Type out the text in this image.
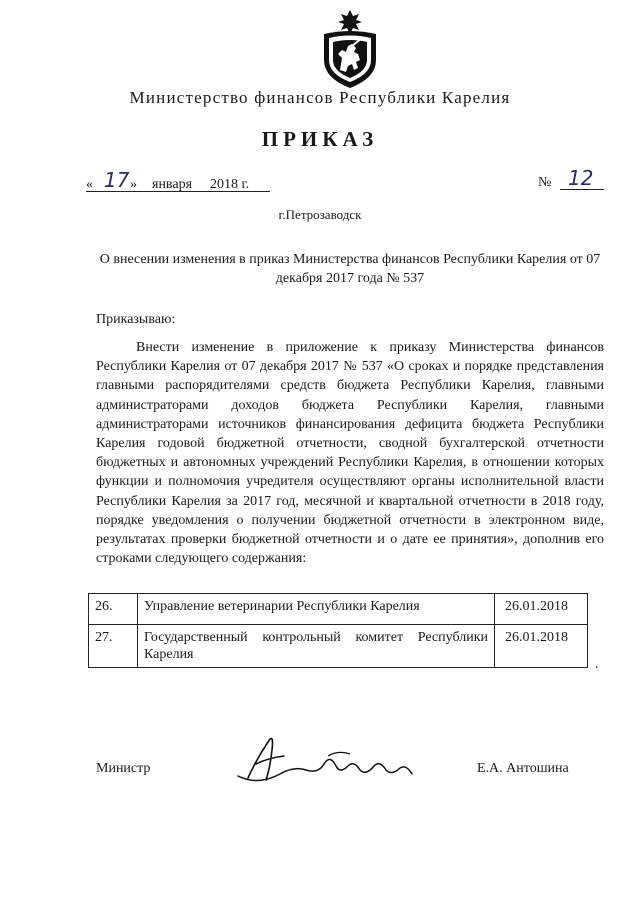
Министерство финансов Республики Карелия
ПРИКАЗ
« 17 » января 2018 г.	№ 12
г.Петрозаводск
О внесении изменения в приказ Министерства финансов Республики Карелия от 07 декабря 2017 года № 537
Приказываю:
Внести изменение в приложение к приказу Министерства финансов Республики Карелия от 07 декабря 2017 № 537 «О сроках и порядке представления главными распорядителями средств бюджета Республики Карелия, главными администраторами доходов бюджета Республики Карелия, главными администраторами источников финансирования дефицита бюджета Республики Карелия годовой бюджетной отчетности, сводной бухгалтерской отчетности бюджетных и автономных учреждений Республики Карелия, в отношении которых функции и полномочия учредителя осуществляют органы исполнительной власти Республики Карелия за 2017 год, месячной и квартальной отчетности в 2018 году, порядке уведомления о получении бюджетной отчетности в электронном виде, результатах проверки бюджетной отчетности и о дате ее принятия», дополнив его строками следующего содержания:
26.	Управление ветеринарии Республики Карелия	26.01.2018
27.	Государственный контрольный комитет Республики Карелия	26.01.2018
.
Министр	Е.А. Антошина
